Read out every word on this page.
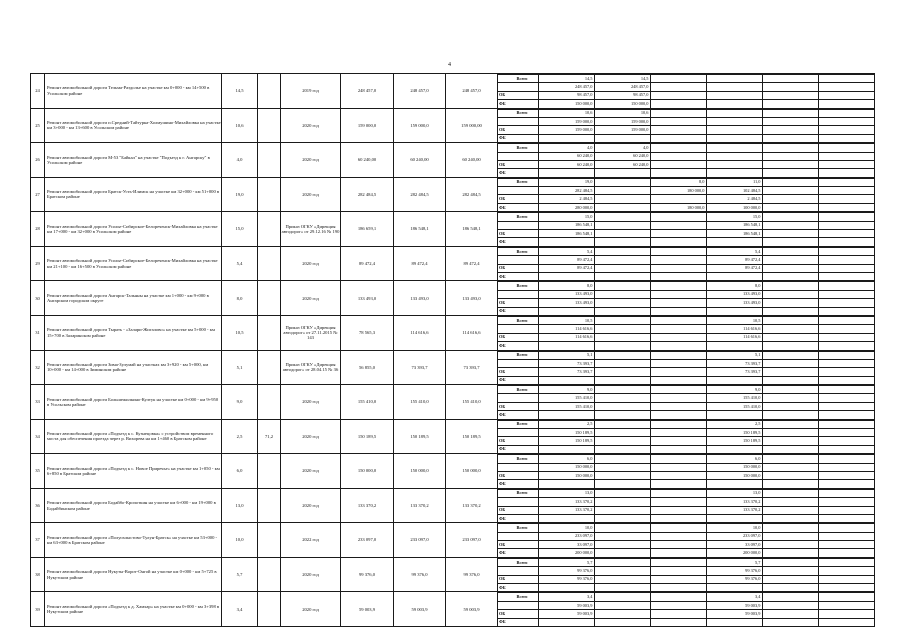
4
24	Ремонт автомобильной дороги Тельма-Раздолье на участке км 0+000 - км 14+500 в Усольском районе	14,5		2019 год	248 457,0	248 457,0	248 457,0	
Всего	14,5	14,5				
	248 457,0	248 457,0				
ОБ	98 457,0	98 457,0				
ФБ	150 000,0	150 000,0				

25	Ремонт автомобильной дороги п.Средний-Тайтурка-Холмушино-Михайловка на участке км 3+000 - км 13+600 в Усольском районе	10,6		2020 год	159 000,0	159 000,0	159 000,00	
Всего	10,6	10,6				
	159 000,0	159 000,0				
ОБ	159 000,0	159 000,0				
ФБ						

26	Ремонт автомобильной дороги М-53 "Байкал" на участке "Подъезд к г. Ангарску" в Усольском районе	4,0		2020 год	60 240,00	60 240,00	60 240,00	
Всего	4,0	4,0				
	60 240,0	60 240,0				
ОБ	60 240,0	60 240,0				
ФБ						

27	Ремонт автомобильной дороги Братск-Усть-Илимск на участке км 32+000 - км 51+000 в Братском районе	19,0		2020 год	282 484,5	282 484,5	282 484,5	
Всего	19,0		8,0	11,0		
	282 484,5		180 000,0	102 484,5		
ОБ	2 484,5			2 484,5		
ФБ	280 000,0		180 000,0	100 000,0		

28	Ремонт автомобильной дороги Усолье-Сибирское-Белореченск-Михайловка на участке км 17+000 - км 32+000 в Усольском районе	15,0		Приказ ОГКУ «Дирекция автодорог» от 29.12.16 № 190	186 659,1	186 548,1	186 548,1	
Всего	15,0			15,0		
	186 548,1			186 548,1		
ОБ	186 548,1			186 548,1		
ФБ						

29	Ремонт автомобильной дороги Усолье-Сибирское-Белореченск-Михайловка на участке км 21+100 - км 16+500 в Усольском районе	5,4		2020 год	89 472,4	89 472,4	89 472,4	
Всего	5,4			5,4		
	89 472,4			89 472,4		
ОБ	89 472,4			89 472,4		
ФБ						

30	Ремонт автомобильной дороги Ангарск-Тальяны на участке км 1+000 - км 9+000 в Ангарском городском округе	8,0		2020 год	133 493,0	133 493,0	133 493,0	
Всего	8,0			8,0		
	133 493,0			133 493,0		
ОБ	133 493,0			133 493,0		
ФБ						

31	Ремонт автомобильной дороги Тырать - «Залари-Жигалово» на участке км 5+000 - км 15+700 в Заларинском районе	10,5		Приказ ОГКУ «Дирекция автодорог» от 27.11.2015 № 143	78 565,3	114 616,6	114 616,6	
Всего	10,5			10,5		
	114 616,6			114 616,6		
ОБ	114 616,6			114 616,6		
ФБ						

32	Ремонт автомобильной дороги Зима-Зулумай на участках км 3+920 - км 5+000, км 10+000 - км 14+000 в Зиминском районе	5,1		Приказ ОГКУ «Дирекция автодорог» от 28.04.15 № 36	56 855,0	73 393,7	73 393,7	
Всего	5,1			5,1		
	73 393,7			73 393,7		
ОБ	73 393,7			73 393,7		
ФБ						

33	Ремонт автомобильной дороги Большежилкино-Култук на участке км 0+000 - км 9+950 в Усольском районе	9,0		2020 год	155 410,0	155 410,0	155 410,0	
Всего	9,0			9,0		
	155 410,0			155 410,0		
ОБ	155 410,0			155 410,0		
ФБ						

34	Ремонт автомобильной дороги «Подъезд к с. Кузнецовка» с устройством временного моста для обеспечения проезда через р. Вихорева на км 1+460 в Братском районе	2,5	71,2	2020 год	150 189,5	150 189,5	150 189,5	
Всего	2,5			2,5		
	150 189,5			150 189,5		
ОБ	150 189,5			150 189,5		
ФБ						

35	Ремонт автомобильной дороги «Подъезд к с. Новое Приречье» на участке км 1+050 - км 6+850 в Братском районе	6,0		2020 год	150 000,0	150 000,0	150 000,0	
Всего	6,0			6,0		
	150 000,0			150 000,0		
ОБ	150 000,0			150 000,0		
ФБ						

36	Ремонт автомобильной дороги Бодайбо-Кропоткин на участке км 6+000 - км 19+000 в Бодайбинском районе	13,0		2020 год	133 370,2	133 370,2	133 370,2	
Всего	13,0			13,0		
	133 370,2			133 370,2		
ОБ	133 370,2			133 370,2		
ФБ						

37	Ремонт автомобильной дороги «Полуохлыстово-Тулун-Братск» на участке км 53+000 - км 63+000 в Братском районе	10,0		2022 год	233 097,0	233 097,0	233 097,0	
Всего	10,0			10,0		
	233 097,0			233 097,0		
ОБ	33 097,0			33 097,0		
ФБ	200 000,0			200 000,0		

38	Ремонт автомобильной дороги Нукуты-Ворот-Онгой на участке км 0+000 - км 5+725 в Нукутском районе	5,7		2020 год	99 376,0	99 376,0	99 376,0	
Всего	5,7			5,7		
	99 376,0			99 376,0		
ОБ	99 376,0			99 376,0		
ФБ						

39	Ремонт автомобильной дороги «Подъезд к д. Хамхар» на участке км 0+000 - км 3+398 в Нукутском районе	3,4		2020 год	59 003,9	59 003,9	59 003,9	
Всего	3,4			3,4		
	59 003,9			59 003,9		
ОБ	59 003,9			59 003,9		
ФБ						
